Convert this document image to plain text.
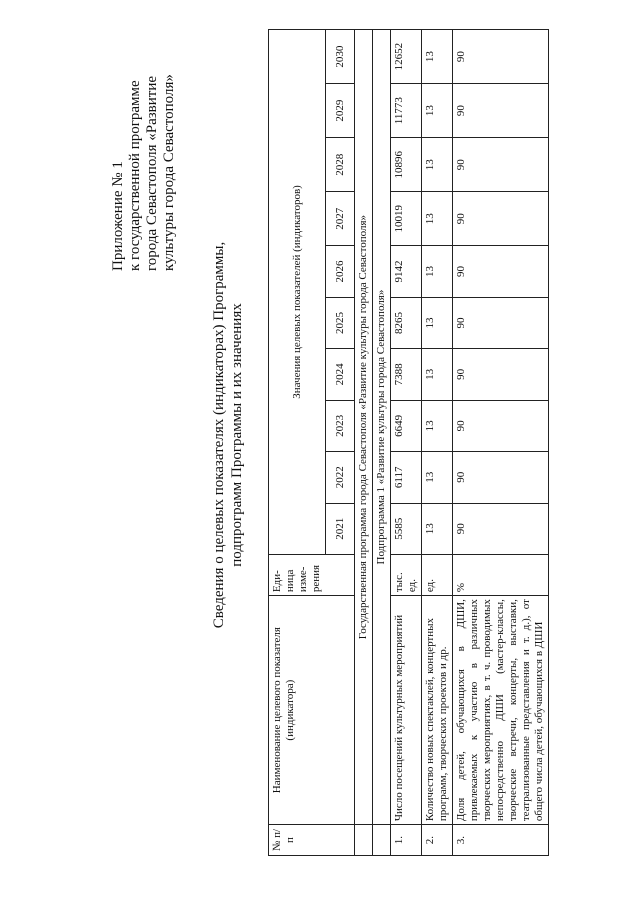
Приложение № 1 к государственной программе города Севастополя «Развитие культуры города Севастополя»
Сведения о целевых показателях (индикаторах) Программы, подпрограмм Программы и их значениях
№ п/п	Наименование целевого показателя (индикатора)	Еди-ница изме-рения	Значения целевых показателей (индикаторов)									
			2021	2022	2023	2024	2025	2026	2027	2028	2029	2030
	Государственная программа города Севастополя «Развитие культуры города Севастополя»											
	Подпрограмма 1 «Развитие культуры города Севастополя»											
1.	Число посещений культурных мероприятий	тыс. ед.	5585	6117	6649	7388	8265	9142	10019	10896	11773	12652
2.	Количество новых спектаклей, концертных программ, творческих проектов и др.	ед.	13	13	13	13	13	13	13	13	13	13
3.	Доля детей, обучающихся в ДШИ, привлекаемых к участию в различных творческих мероприятиях, в т. ч. проводимых непосредственно ДШИ (мастер-классы, творческие встречи, концерты, выставки, театрализованные представления и т. д.), от общего числа детей, обучающихся в ДШИ	%	90	90	90	90	90	90	90	90	90	90
